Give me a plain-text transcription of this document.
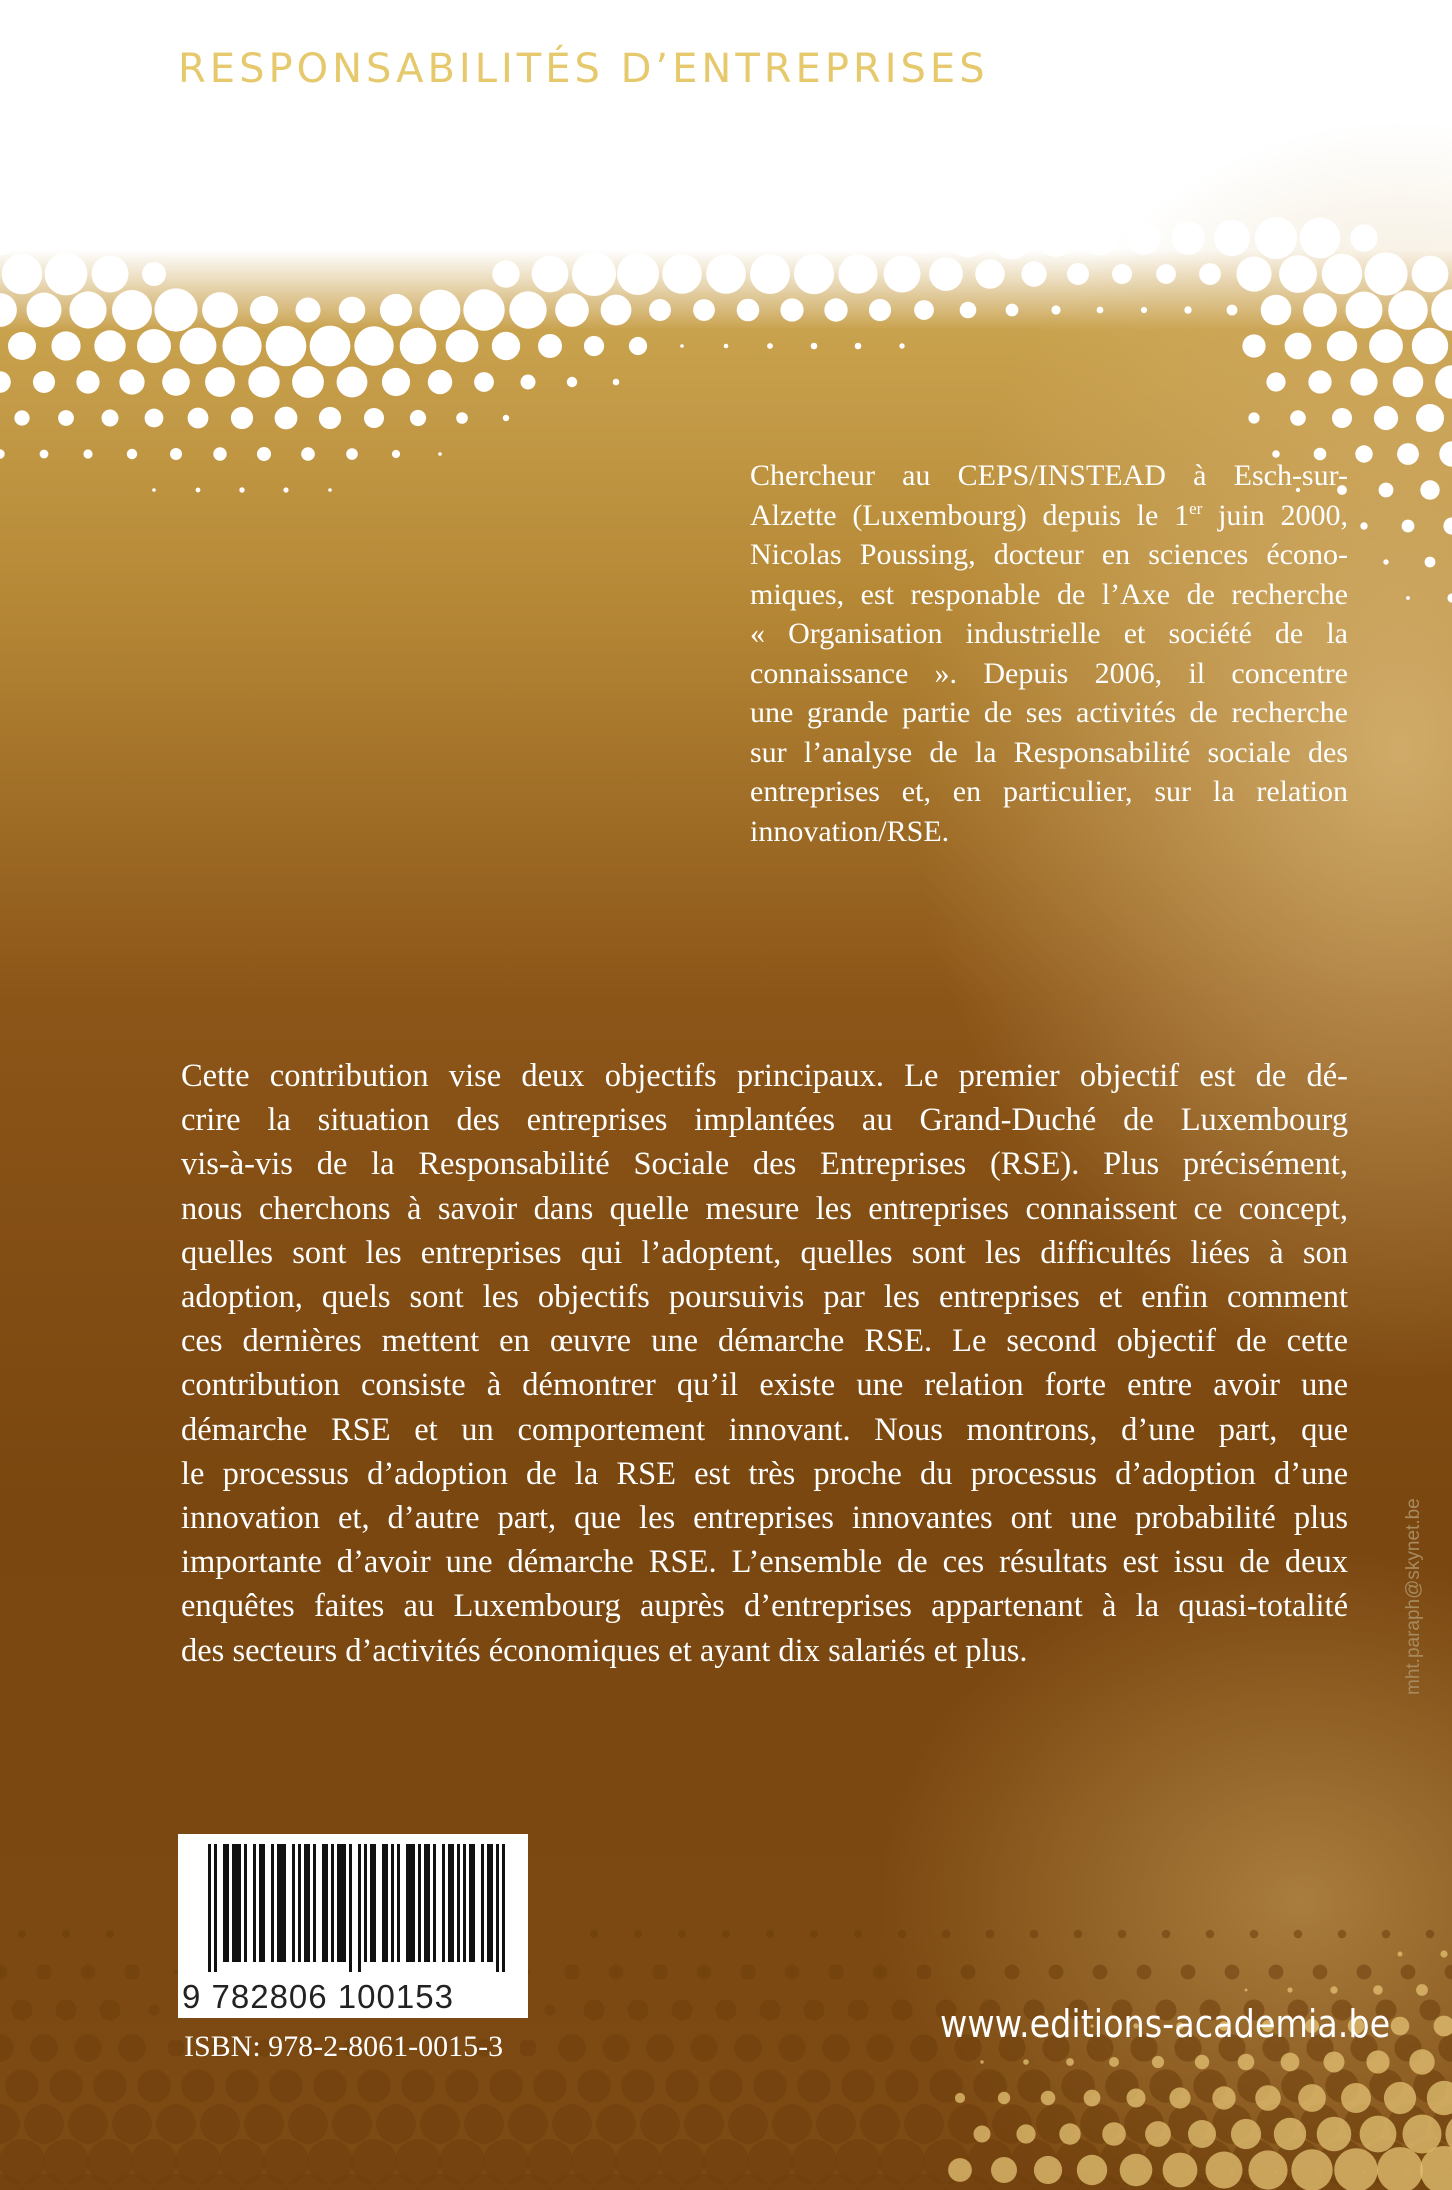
RESPONSABILITÉS D’ENTREPRISES
Chercheur au CEPS/INSTEAD à Esch-sur-
Alzette (Luxembourg) depuis le 1er juin 2000,
Nicolas Poussing, docteur en sciences écono-
miques, est responable de l’Axe de recherche
« Organisation industrielle et société de la
connaissance ». Depuis 2006, il concentre
une grande partie de ses activités de recherche
sur l’analyse de la Responsabilité sociale des
entreprises et, en particulier, sur la relation
innovation/RSE.
Cette contribution vise deux objectifs principaux. Le premier objectif est de dé-
crire la situation des entreprises implantées au Grand-Duché de Luxembourg
vis-à-vis de la Responsabilité Sociale des Entreprises (RSE). Plus précisément,
nous cherchons à savoir dans quelle mesure les entreprises connaissent ce concept,
quelles sont les entreprises qui l’adoptent, quelles sont les difficultés liées à son
adoption, quels sont les objectifs poursuivis par les entreprises et enfin comment
ces dernières mettent en œuvre une démarche RSE. Le second objectif de cette
contribution consiste à démontrer qu’il existe une relation forte entre avoir une
démarche RSE et un comportement innovant. Nous montrons, d’une part, que
le processus d’adoption de la RSE est très proche du processus d’adoption d’une
innovation et, d’autre part, que les entreprises innovantes ont une probabilité plus
importante d’avoir une démarche RSE. L’ensemble de ces résultats est issu de deux
enquêtes faites au Luxembourg auprès d’entreprises appartenant à la quasi-totalité
des secteurs d’activités économiques et ayant dix salariés et plus.	mht.paraph@skynet.be
9 782806 100153

ISBN: 978-2-8061-0015-3

www.editions-academia.be
